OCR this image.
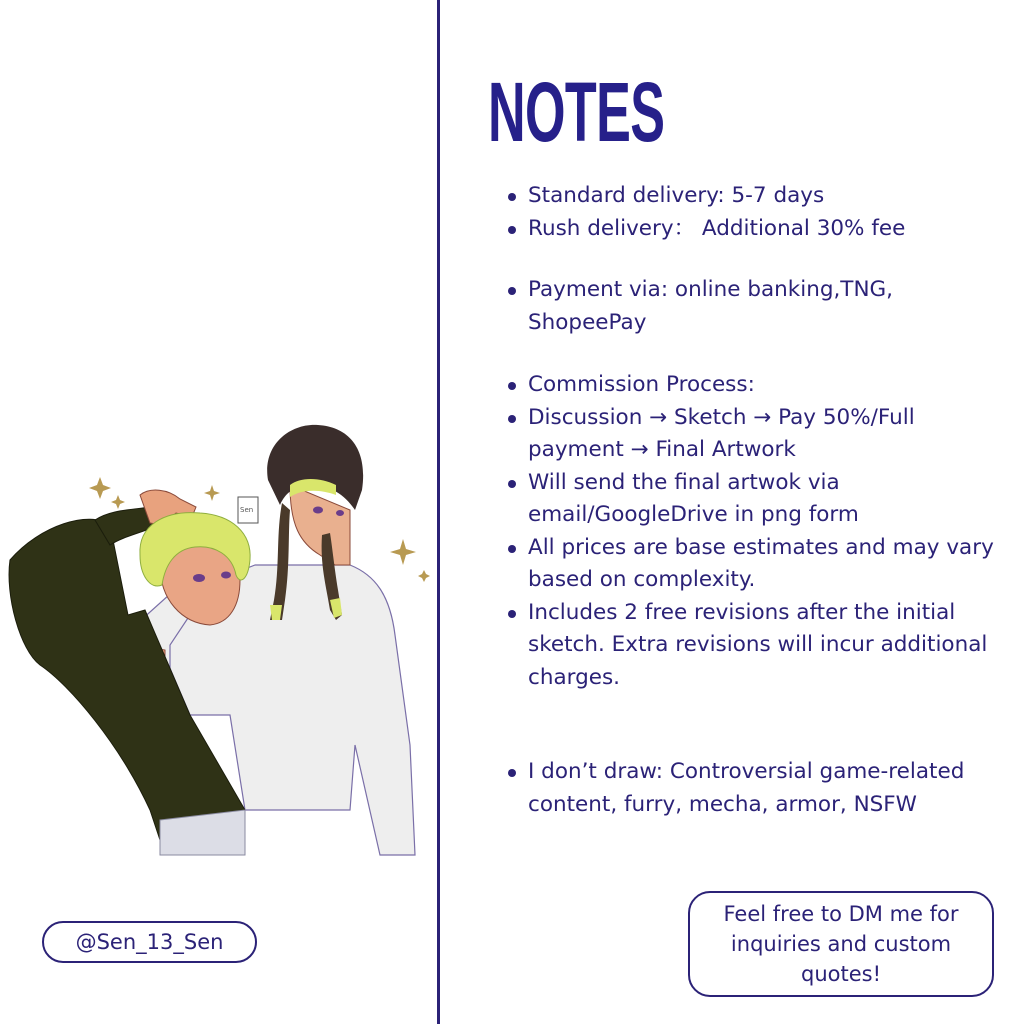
NOTES
Standard delivery: 5-7 days
Rush delivery： Additional 30% fee
Payment via: online banking,TNG, ShopeePay
Commission Process:
Discussion → Sketch → Pay 50%/Full payment → Final Artwork
Will send the final artwok via email/GoogleDrive in png form
All prices are base estimates and may vary based on complexity.
Includes 2 free revisions after the initial sketch. Extra revisions will incur additional charges.
I don’t draw: Controversial game-related content, furry, mecha, armor, NSFW
Sen
@Sen_13_Sen
Feel free to DM me for inquiries and custom quotes!
